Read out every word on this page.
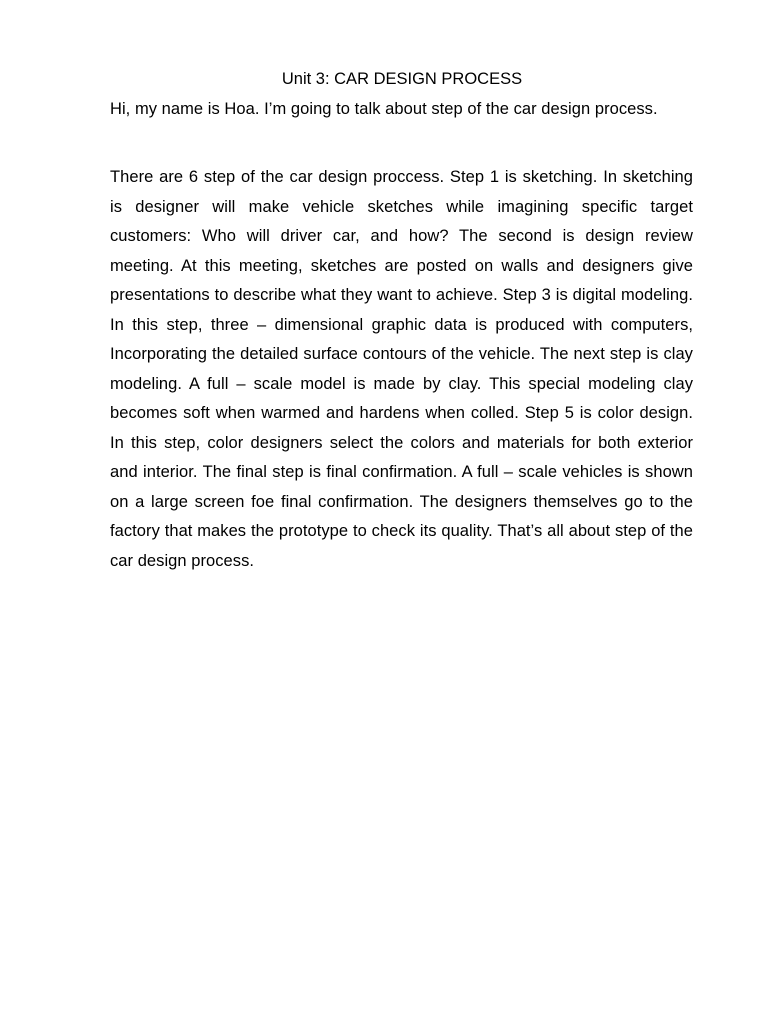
Unit 3: CAR DESIGN PROCESS

Hi, my name is Hoa. I’m going to talk about step of the car design process.

There are 6 step of the car design proccess. Step 1 is sketching. In sketching is designer will make vehicle sketches while imagining specific target customers: Who will driver car, and how? The second is design review meeting. At this meeting, sketches are posted on walls and designers give presentations to describe what they want to achieve. Step 3 is digital modeling. In this step, three – dimensional graphic data is produced with computers, Incorporating the detailed surface contours of the vehicle. The next step is clay modeling. A full – scale model is made by clay. This special modeling clay becomes soft when warmed and hardens when colled. Step 5 is color design. In this step, color designers select the colors and materials for both exterior and interior. The final step is final confirmation. A full – scale vehicles is shown on a large screen foe final confirmation. The designers themselves go to the factory that makes the prototype to check its quality. That’s all about step of the car design process.
